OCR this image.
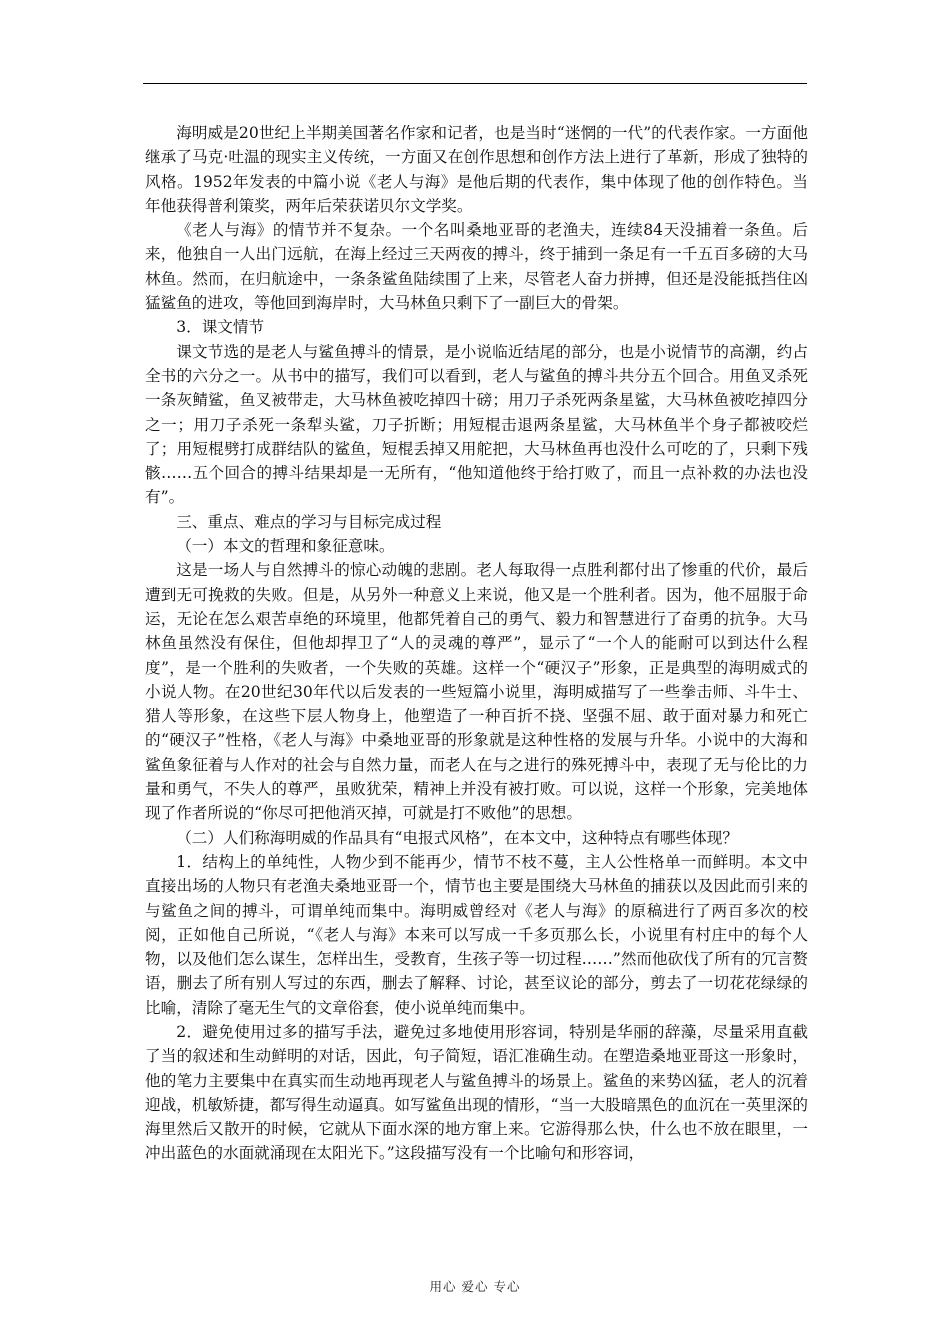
海明威是20世纪上半期美国著名作家和记者，也是当时“迷惘的一代”的代表作家。一方面他继承了马克·吐温的现实主义传统，一方面又在创作思想和创作方法上进行了革新，形成了独特的风格。1952年发表的中篇小说《老人与海》是他后期的代表作，集中体现了他的创作特色。当年他获得普利策奖，两年后荣获诺贝尔文学奖。

《老人与海》的情节并不复杂。一个名叫桑地亚哥的老渔夫，连续84天没捕着一条鱼。后来，他独自一人出门远航，在海上经过三天两夜的搏斗，终于捕到一条足有一千五百多磅的大马林鱼。然而，在归航途中，一条条鲨鱼陆续围了上来，尽管老人奋力拼搏，但还是没能抵挡住凶猛鲨鱼的进攻，等他回到海岸时，大马林鱼只剩下了一副巨大的骨架。

3．课文情节

课文节选的是老人与鲨鱼搏斗的情景，是小说临近结尾的部分，也是小说情节的高潮，约占全书的六分之一。从书中的描写，我们可以看到，老人与鲨鱼的搏斗共分五个回合。用鱼叉杀死一条灰鲭鲨，鱼叉被带走，大马林鱼被吃掉四十磅；用刀子杀死两条星鲨，大马林鱼被吃掉四分之一；用刀子杀死一条犁头鲨，刀子折断；用短棍击退两条星鲨，大马林鱼半个身子都被咬烂了；用短棍劈打成群结队的鲨鱼，短棍丢掉又用舵把，大马林鱼再也没什么可吃的了，只剩下残骸……五个回合的搏斗结果却是一无所有，“他知道他终于给打败了，而且一点补救的办法也没有”。

三、重点、难点的学习与目标完成过程

（一）本文的哲理和象征意味。

这是一场人与自然搏斗的惊心动魄的悲剧。老人每取得一点胜利都付出了惨重的代价，最后遭到无可挽救的失败。但是，从另外一种意义上来说，他又是一个胜利者。因为，他不屈服于命运，无论在怎么艰苦卓绝的环境里，他都凭着自己的勇气、毅力和智慧进行了奋勇的抗争。大马林鱼虽然没有保住，但他却捍卫了“人的灵魂的尊严”，显示了“一个人的能耐可以到达什么程度”，是一个胜利的失败者，一个失败的英雄。这样一个“硬汉子”形象，正是典型的海明威式的小说人物。在20世纪30年代以后发表的一些短篇小说里，海明威描写了一些拳击师、斗牛士、猎人等形象，在这些下层人物身上，他塑造了一种百折不挠、坚强不屈、敢于面对暴力和死亡的“硬汉子”性格，《老人与海》中桑地亚哥的形象就是这种性格的发展与升华。小说中的大海和鲨鱼象征着与人作对的社会与自然力量，而老人在与之进行的殊死搏斗中，表现了无与伦比的力量和勇气，不失人的尊严，虽败犹荣，精神上并没有被打败。可以说，这样一个形象，完美地体现了作者所说的“你尽可把他消灭掉，可就是打不败他”的思想。

（二）人们称海明威的作品具有“电报式风格”，在本文中，这种特点有哪些体现？

1．结构上的单纯性，人物少到不能再少，情节不枝不蔓，主人公性格单一而鲜明。本文中直接出场的人物只有老渔夫桑地亚哥一个，情节也主要是围绕大马林鱼的捕获以及因此而引来的与鲨鱼之间的搏斗，可谓单纯而集中。海明威曾经对《老人与海》的原稿进行了两百多次的校阅，正如他自己所说，“《老人与海》本来可以写成一千多页那么长，小说里有村庄中的每个人物，以及他们怎么谋生，怎样出生，受教育，生孩子等一切过程……”然而他砍伐了所有的冗言赘语，删去了所有别人写过的东西，删去了解释、讨论，甚至议论的部分，剪去了一切花花绿绿的比喻，清除了毫无生气的文章俗套，使小说单纯而集中。

2．避免使用过多的描写手法，避免过多地使用形容词，特别是华丽的辞藻，尽量采用直截了当的叙述和生动鲜明的对话，因此，句子简短，语汇准确生动。在塑造桑地亚哥这一形象时，他的笔力主要集中在真实而生动地再现老人与鲨鱼搏斗的场景上。鲨鱼的来势凶猛，老人的沉着迎战，机敏矫捷，都写得生动逼真。如写鲨鱼出现的情形，“当一大股暗黑色的血沉在一英里深的海里然后又散开的时候，它就从下面水深的地方窜上来。它游得那么快，什么也不放在眼里，一冲出蓝色的水面就涌现在太阳光下。”这段描写没有一个比喻句和形容词，

用心 爱心 专心
